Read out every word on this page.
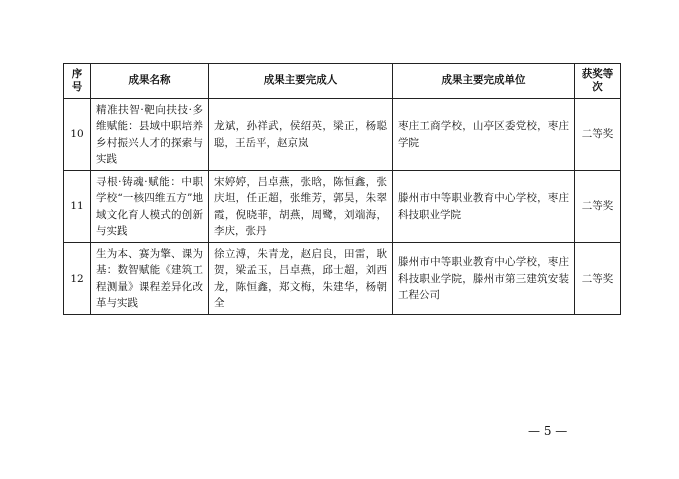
序号	成果名称	成果主要完成人	成果主要完成单位	获奖等次
10	精准扶智·靶向扶技·多维赋能：县域中职培养乡村振兴人才的探索与实践	龙斌，孙祥武，侯绍英，梁正，杨聪聪，王岳平，赵京岚	枣庄工商学校，山亭区委党校，枣庄学院	二等奖
11	寻根·铸魂·赋能：中职学校“一核四维五方”地域文化育人模式的创新与实践	宋婷婷，吕卓燕，张晗，陈恒鑫，张庆坦，任正超，张维芳，郭昊，朱翠霞，倪晓菲，胡燕，周鹭，刘端海，李庆，张丹	滕州市中等职业教育中心学校，枣庄科技职业学院	二等奖
12	生为本、赛为擎、课为基：数智赋能《建筑工程测量》课程差异化改革与实践	徐立溥，朱青龙，赵启良，田雷，耿贺，梁孟玉，吕卓燕，邱士超，刘西龙，陈恒鑫，郑文梅，朱建华，杨朝全	滕州市中等职业教育中心学校，枣庄科技职业学院，滕州市第三建筑安装工程公司	二等奖
— 5 —
